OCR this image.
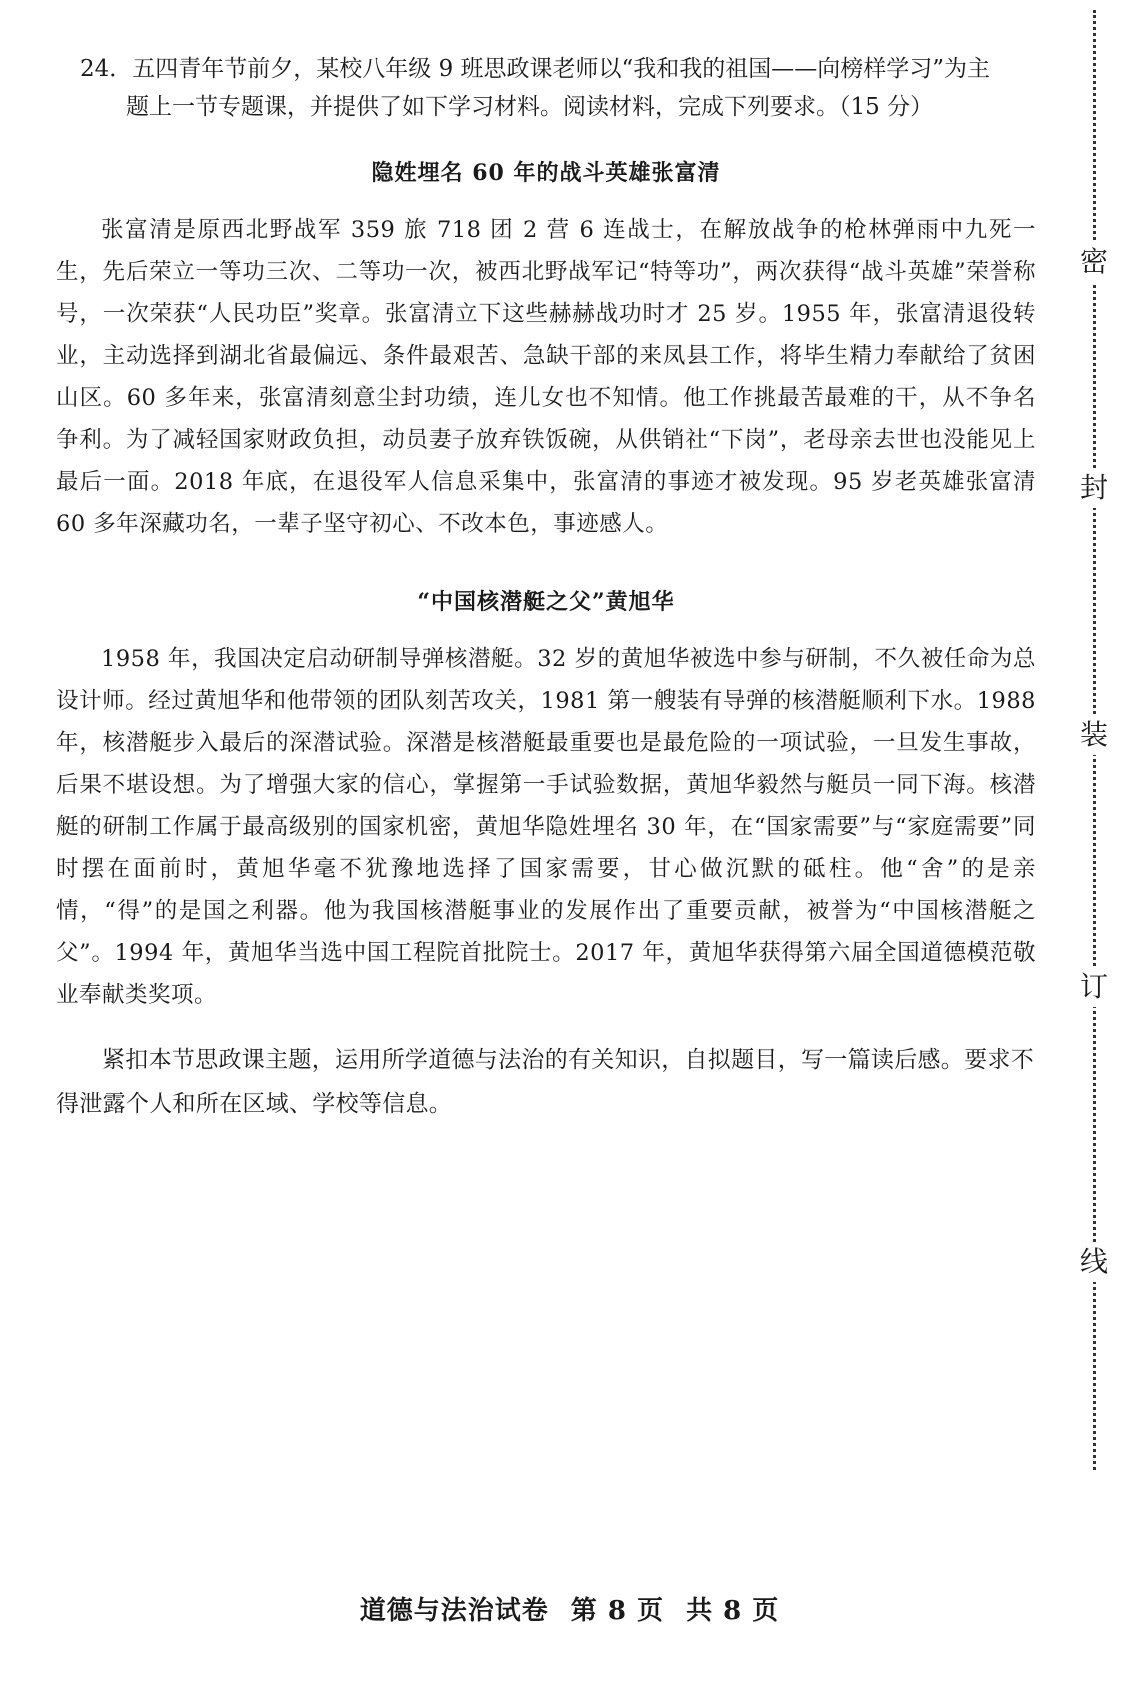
24．五四青年节前夕，某校八年级 9 班思政课老师以“我和我的祖国——向榜样学习”为主

题上一节专题课，并提供了如下学习材料。阅读材料，完成下列要求。（15 分）

隐姓埋名 60 年的战斗英雄张富清

张富清是原西北野战军 359 旅 718 团 2 营 6 连战士，在解放战争的枪林弹雨中九死一生，先后荣立一等功三次、二等功一次，被西北野战军记“特等功”，两次获得“战斗英雄”荣誉称号，一次荣获“人民功臣”奖章。张富清立下这些赫赫战功时才 25 岁。1955 年，张富清退役转业，主动选择到湖北省最偏远、条件最艰苦、急缺干部的来凤县工作，将毕生精力奉献给了贫困山区。60 多年来，张富清刻意尘封功绩，连儿女也不知情。他工作挑最苦最难的干，从不争名争利。为了减轻国家财政负担，动员妻子放弃铁饭碗，从供销社“下岗”，老母亲去世也没能见上最后一面。2018 年底，在退役军人信息采集中，张富清的事迹才被发现。95 岁老英雄张富清 60 多年深藏功名，一辈子坚守初心、不改本色，事迹感人。

“中国核潜艇之父”黄旭华

1958 年，我国决定启动研制导弹核潜艇。32 岁的黄旭华被选中参与研制，不久被任命为总设计师。经过黄旭华和他带领的团队刻苦攻关，1981 第一艘装有导弹的核潜艇顺利下水。1988 年，核潜艇步入最后的深潜试验。深潜是核潜艇最重要也是最危险的一项试验，一旦发生事故，后果不堪设想。为了增强大家的信心，掌握第一手试验数据，黄旭华毅然与艇员一同下海。核潜艇的研制工作属于最高级别的国家机密，黄旭华隐姓埋名 30 年，在“国家需要”与“家庭需要”同时摆在面前时，黄旭华毫不犹豫地选择了国家需要，甘心做沉默的砥柱。他“舍”的是亲情，“得”的是国之利器。他为我国核潜艇事业的发展作出了重要贡献，被誉为“中国核潜艇之父”。1994 年，黄旭华当选中国工程院首批院士。2017 年，黄旭华获得第六届全国道德模范敬业奉献类奖项。

紧扣本节思政课主题，运用所学道德与法治的有关知识，自拟题目，写一篇读后感。要求不得泄露个人和所在区域、学校等信息。

密
封
装
订
线
道德与法治试卷 第 8 页 共 8 页
